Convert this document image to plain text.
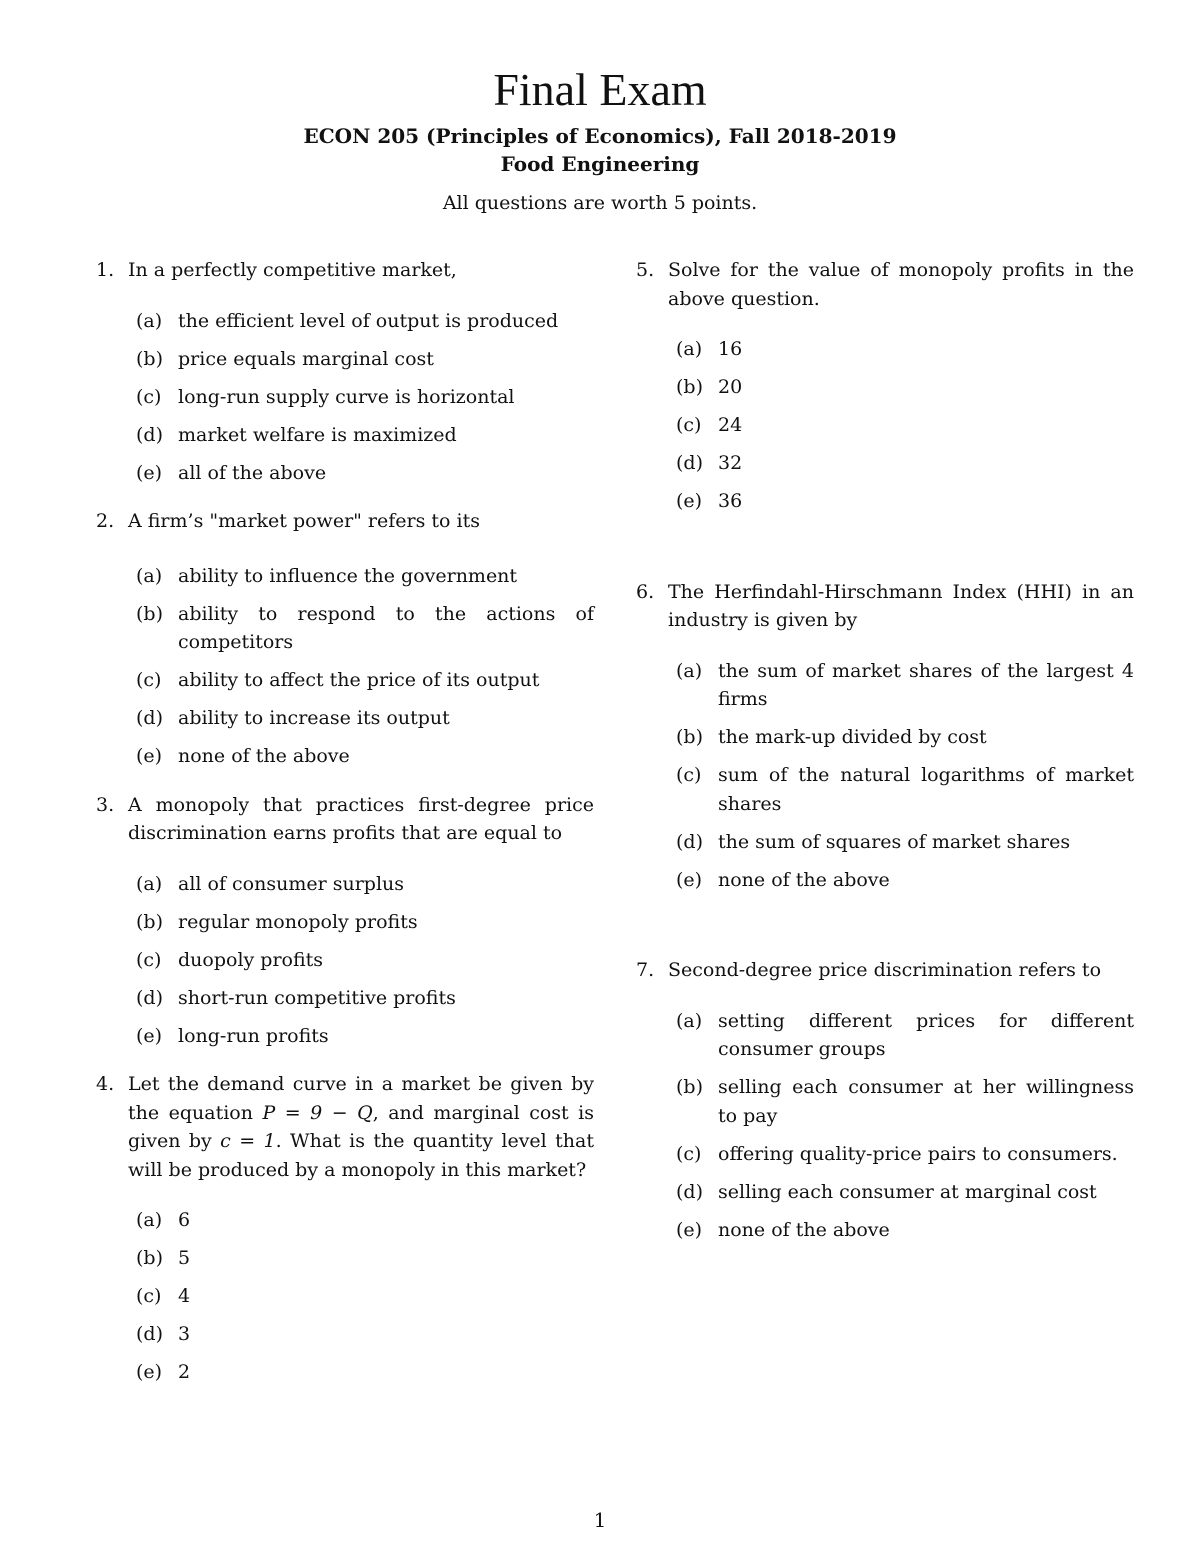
Final Exam
ECON 205 (Principles of Economics), Fall 2018-2019
Food Engineering
All questions are worth 5 points.
1. In a perfectly competitive market,
(a) the efficient level of output is produced
(b) price equals marginal cost
(c) long-run supply curve is horizontal
(d) market welfare is maximized
(e) all of the above
2. A firm’s "market power" refers to its
(a) ability to influence the government
(b) ability to respond to the actions of competitors
(c) ability to affect the price of its output
(d) ability to increase its output
(e) none of the above
3. A monopoly that practices first-degree price discrimination earns profits that are equal to
(a) all of consumer surplus
(b) regular monopoly profits
(c) duopoly profits
(d) short-run competitive profits
(e) long-run profits
4. Let the demand curve in a market be given by the equation P = 9 − Q, and marginal cost is given by c = 1. What is the quantity level that will be produced by a monopoly in this market?
(a) 6
(b) 5
(c) 4
(d) 3
(e) 2
5. Solve for the value of monopoly profits in the above question.
(a) 16
(b) 20
(c) 24
(d) 32
(e) 36
6. The Herfindahl-Hirschmann Index (HHI) in an industry is given by
(a) the sum of market shares of the largest 4 firms
(b) the mark-up divided by cost
(c) sum of the natural logarithms of market shares
(d) the sum of squares of market shares
(e) none of the above
7. Second-degree price discrimination refers to
(a) setting different prices for different consumer groups
(b) selling each consumer at her willingness to pay
(c) offering quality-price pairs to consumers.
(d) selling each consumer at marginal cost
(e) none of the above
1
